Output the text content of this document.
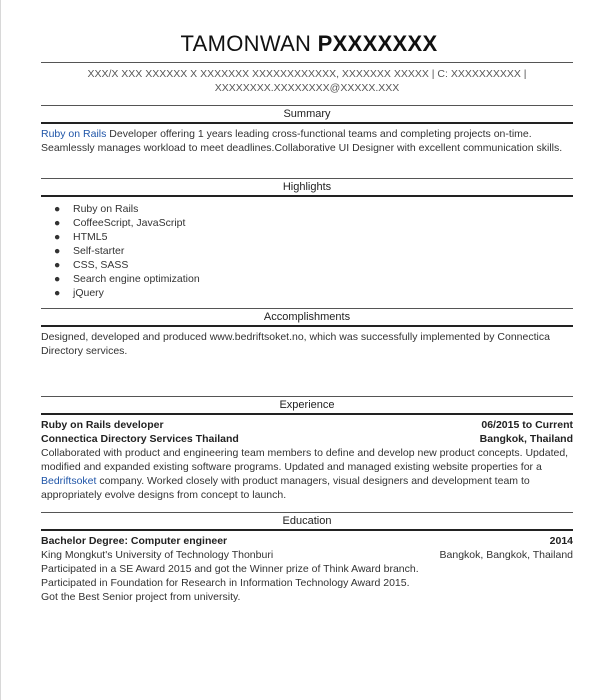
TAMONWAN PXXXXXXX
XXX/X XXX XXXXXX X XXXXXXX XXXXXXXXXXXX, XXXXXXX XXXXX | C: XXXXXXXXXX |
XXXXXXXX.XXXXXXXX@XXXXX.XXX
Summary
Ruby on Rails Developer offering 1 years leading cross-functional teams and completing projects on-time. Seamlessly manages workload to meet deadlines.Collaborative UI Designer with excellent communication skills.
Highlights
● Ruby on Rails
● CoffeeScript, JavaScript
● HTML5
● Self-starter
● CSS, SASS
● Search engine optimization
● jQuery
Accomplishments
Designed, developed and produced www.bedriftsoket.no, which was successfully implemented by Connectica Directory services.
Experience
Ruby on Rails developer	06/2015 to Current
Connectica Directory Services Thailand	Bangkok, Thailand
Collaborated with product and engineering team members to define and develop new product concepts. Updated, modified and expanded existing software programs. Updated and managed existing website properties for a Bedriftsoket company. Worked closely with product managers, visual designers and development team to appropriately evolve designs from concept to launch.
Education
Bachelor Degree: Computer engineer	2014
King Mongkut's University of Technology Thonburi	Bangkok, Bangkok, Thailand
Participated in a SE Award 2015 and got the Winner prize of Think Award branch.
Participated in Foundation for Research in Information Technology Award 2015.
Got the Best Senior project from university.
